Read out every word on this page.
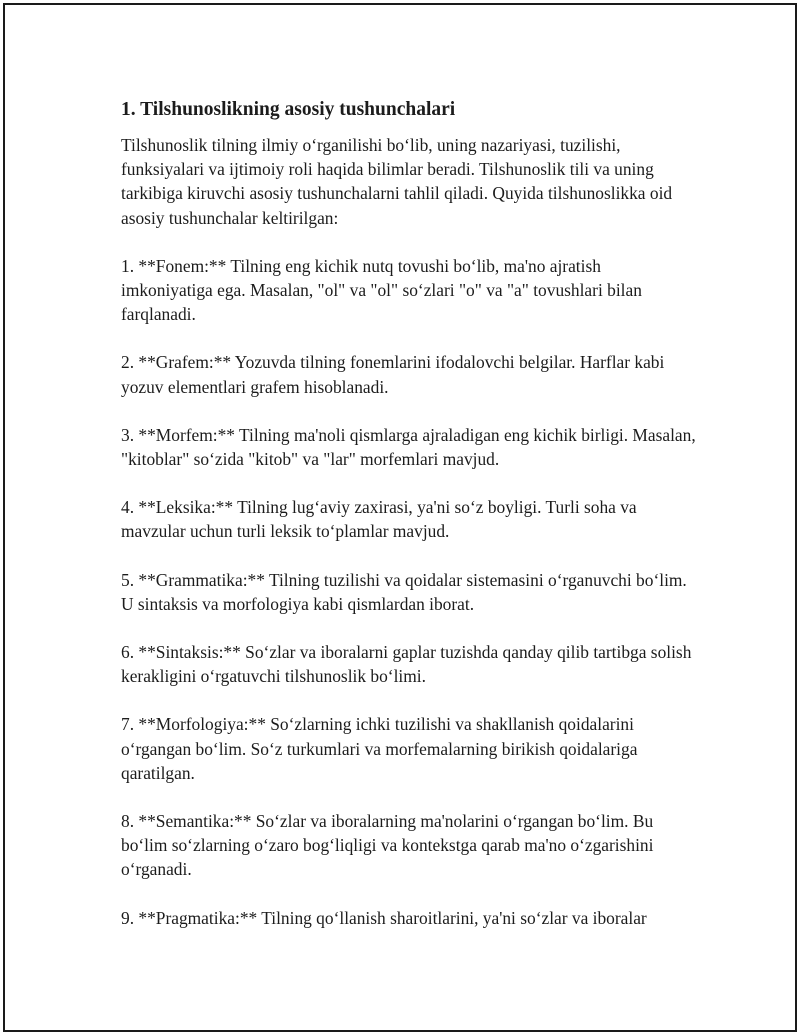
1. Tilshunoslikning asosiy tushunchalari

Tilshunoslik tilning ilmiy o‘rganilishi bo‘lib, uning nazariyasi, tuzilishi, funksiyalari va ijtimoiy roli haqida bilimlar beradi. Tilshunoslik tili va uning tarkibiga kiruvchi asosiy tushunchalarni tahlil qiladi. Quyida tilshunoslikka oid asosiy tushunchalar keltirilgan:

1. **Fonem:** Tilning eng kichik nutq tovushi bo‘lib, ma'no ajratish imkoniyatiga ega. Masalan, "ol" va "ol" so‘zlari "o" va "a" tovushlari bilan farqlanadi.

2. **Grafem:** Yozuvda tilning fonemlarini ifodalovchi belgilar. Harflar kabi yozuv elementlari grafem hisoblanadi.

3. **Morfem:** Tilning ma'noli qismlarga ajraladigan eng kichik birligi. Masalan, "kitoblar" so‘zida "kitob" va "lar" morfemlari mavjud.

4. **Leksika:** Tilning lug‘aviy zaxirasi, ya'ni so‘z boyligi. Turli soha va mavzular uchun turli leksik to‘plamlar mavjud.

5. **Grammatika:** Tilning tuzilishi va qoidalar sistemasini o‘rganuvchi bo‘lim. U sintaksis va morfologiya kabi qismlardan iborat.

6. **Sintaksis:** So‘zlar va iboralarni gaplar tuzishda qanday qilib tartibga solish kerakligini o‘rgatuvchi tilshunoslik bo‘limi.

7. **Morfologiya:** So‘zlarning ichki tuzilishi va shakllanish qoidalarini o‘rgangan bo‘lim. So‘z turkumlari va morfemalarning birikish qoidalariga qaratilgan.

8. **Semantika:** So‘zlar va iboralarning ma'nolarini o‘rgangan bo‘lim. Bu bo‘lim so‘zlarning o‘zaro bog‘liqligi va kontekstga qarab ma'no o‘zgarishini o‘rganadi.

9. **Pragmatika:** Tilning qo‘llanish sharoitlarini, ya'ni so‘zlar va iboralar
